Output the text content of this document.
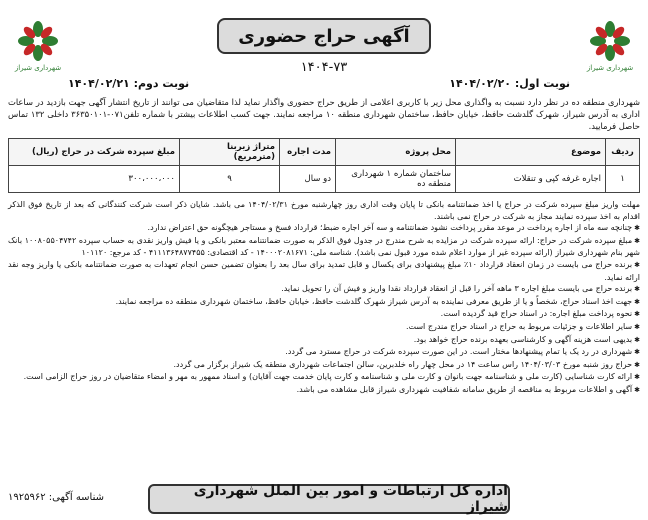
شهرداری شیراز
شهرداری شیراز
آگهی حراج حضوری
۱۴۰۴-۷۳
نوبت اول: ۱۴۰۴/۰۲/۲۰
نوبت دوم: ۱۴۰۴/۰۲/۲۱
شهرداری منطقه ده در نظر دارد نسبت به واگذاری محل زیر با کاربری اعلامی از طریق حراج حضوری واگذار نماید لذا متقاضیان می توانند از تاریخ انتشار آگهی جهت بازدید در ساعات اداری به آدرس شیراز، شهرک گلدشت حافظ، خیابان حافظ، ساختمان شهرداری منطقه ۱۰ مراجعه نمایند. جهت کسب اطلاعات بیشتر با شماره تلفن۰۷۱-۳۶۳۵۰۱۰۱ داخلی ۱۳۲ تماس حاصل فرمایید.
ردیف	موضوع	محل پروژه	مدت اجاره	متراژ زیربنا (مترمربع)	مبلغ سپرده شرکت در حراج (ریال)
۱	اجاره غرفه کپی و تنقلات	ساختمان شماره ۱ شهرداری منطقه ده	دو سال	۹	۳۰۰،۰۰۰،۰۰۰

مهلت واریز مبلغ سپرده شرکت در حراج یا اخذ ضمانتنامه بانکی تا پایان وقت اداری روز چهارشنبه مورخ ۱۴۰۴/۰۲/۳۱ می باشد. شایان ذکر است شرکت کنندگانی که بعد از تاریخ فوق الذکر اقدام به اخذ سپرده نمایند مجاز به شرکت در حراج نمی باشند.

✱چنانچه سه ماه از اجاره پرداخت در موعد مقرر پرداخت نشود ضمانتنامه و سه آخر اجاره ضبط؛ قرارداد فسخ و مستاجر هیچگونه حق اعتراض ندارد.

✱مبلغ سپرده شرکت در حراج: ارائه سپرده شرکت در مزایده به شرح مندرج در جدول فوق الذکر به صورت ضمانتنامه معتبر بانکی و یا فیش واریز نقدی به حساب سپرده ۱۰۰۸۰۵۵۰۴۷۴۲ بانک شهر بنام شهرداری شیراز (ارائه سپرده غیر از موارد اعلام شده مورد قبول نمی باشد). شناسه ملی: ۱۴۰۰۰۲۰۸۱۶۷۱ - کد اقتصادی: ۴۱۱۱۳۶۴۸۷۷۴۵۵ - کد مرجع: ۱۰۱۱۲۰

✱برنده حراج می بایست در زمان انعقاد قرارداد ۱۰٪ مبلغ پیشنهادی برای یکسال و قابل تمدید برای سال بعد را بعنوان تضمین حسن انجام تعهدات به صورت ضمانتنامه بانکی یا واریز وجه نقد ارائه نماید.

✱برنده حراج می بایست مبلغ اجاره ۳ ماهه آخر را قبل از انعقاد قرارداد نقدا واریز و فیش آن را تحویل نماید.

✱جهت اخذ اسناد حراج، شخصاً و یا از طریق معرفی نماینده به آدرس شیراز شهرک گلدشت حافظ، خیابان حافظ، ساختمان شهرداری منطقه ده مراجعه نمایند.

✱نحوه پرداخت مبلغ اجاره: در اسناد حراج قید گردیده است.

✱سایر اطلاعات و جزئیات مربوط به حراج در اسناد حراج مندرج است.

✱بدیهی است هزینه آگهی و کارشناسی بعهده برنده حراج خواهد بود.

✱شهرداری در رد یک یا تمام پیشنهادها مختار است. در این صورت سپرده شرکت در حراج مسترد می گردد.

✱حراج روز شنبه مورخ ۱۴۰۴/۰۳/۰۳ راس ساعت ۱۴ در محل چهار راه خلدبرین، سالن اجتماعات شهرداری منطقه یک شیراز برگزار می گردد.

✱ارائه کارت شناسایی (کارت ملی و شناسنامه جهت بانوان و کارت ملی و شناسنامه و کارت پایان خدمت جهت آقایان) و اسناد ممهور به مهر و امضاء متقاضیان در روز حراج الزامی است.

✱آگهی و اطلاعات مربوط به مناقصه از طریق سامانه شفافیت شهرداری شیراز قابل مشاهده می باشد.

اداره کل ارتباطات و امور بین الملل شهرداری شیراز
شناسه آگهی: ۱۹۲۵۹۶۲
